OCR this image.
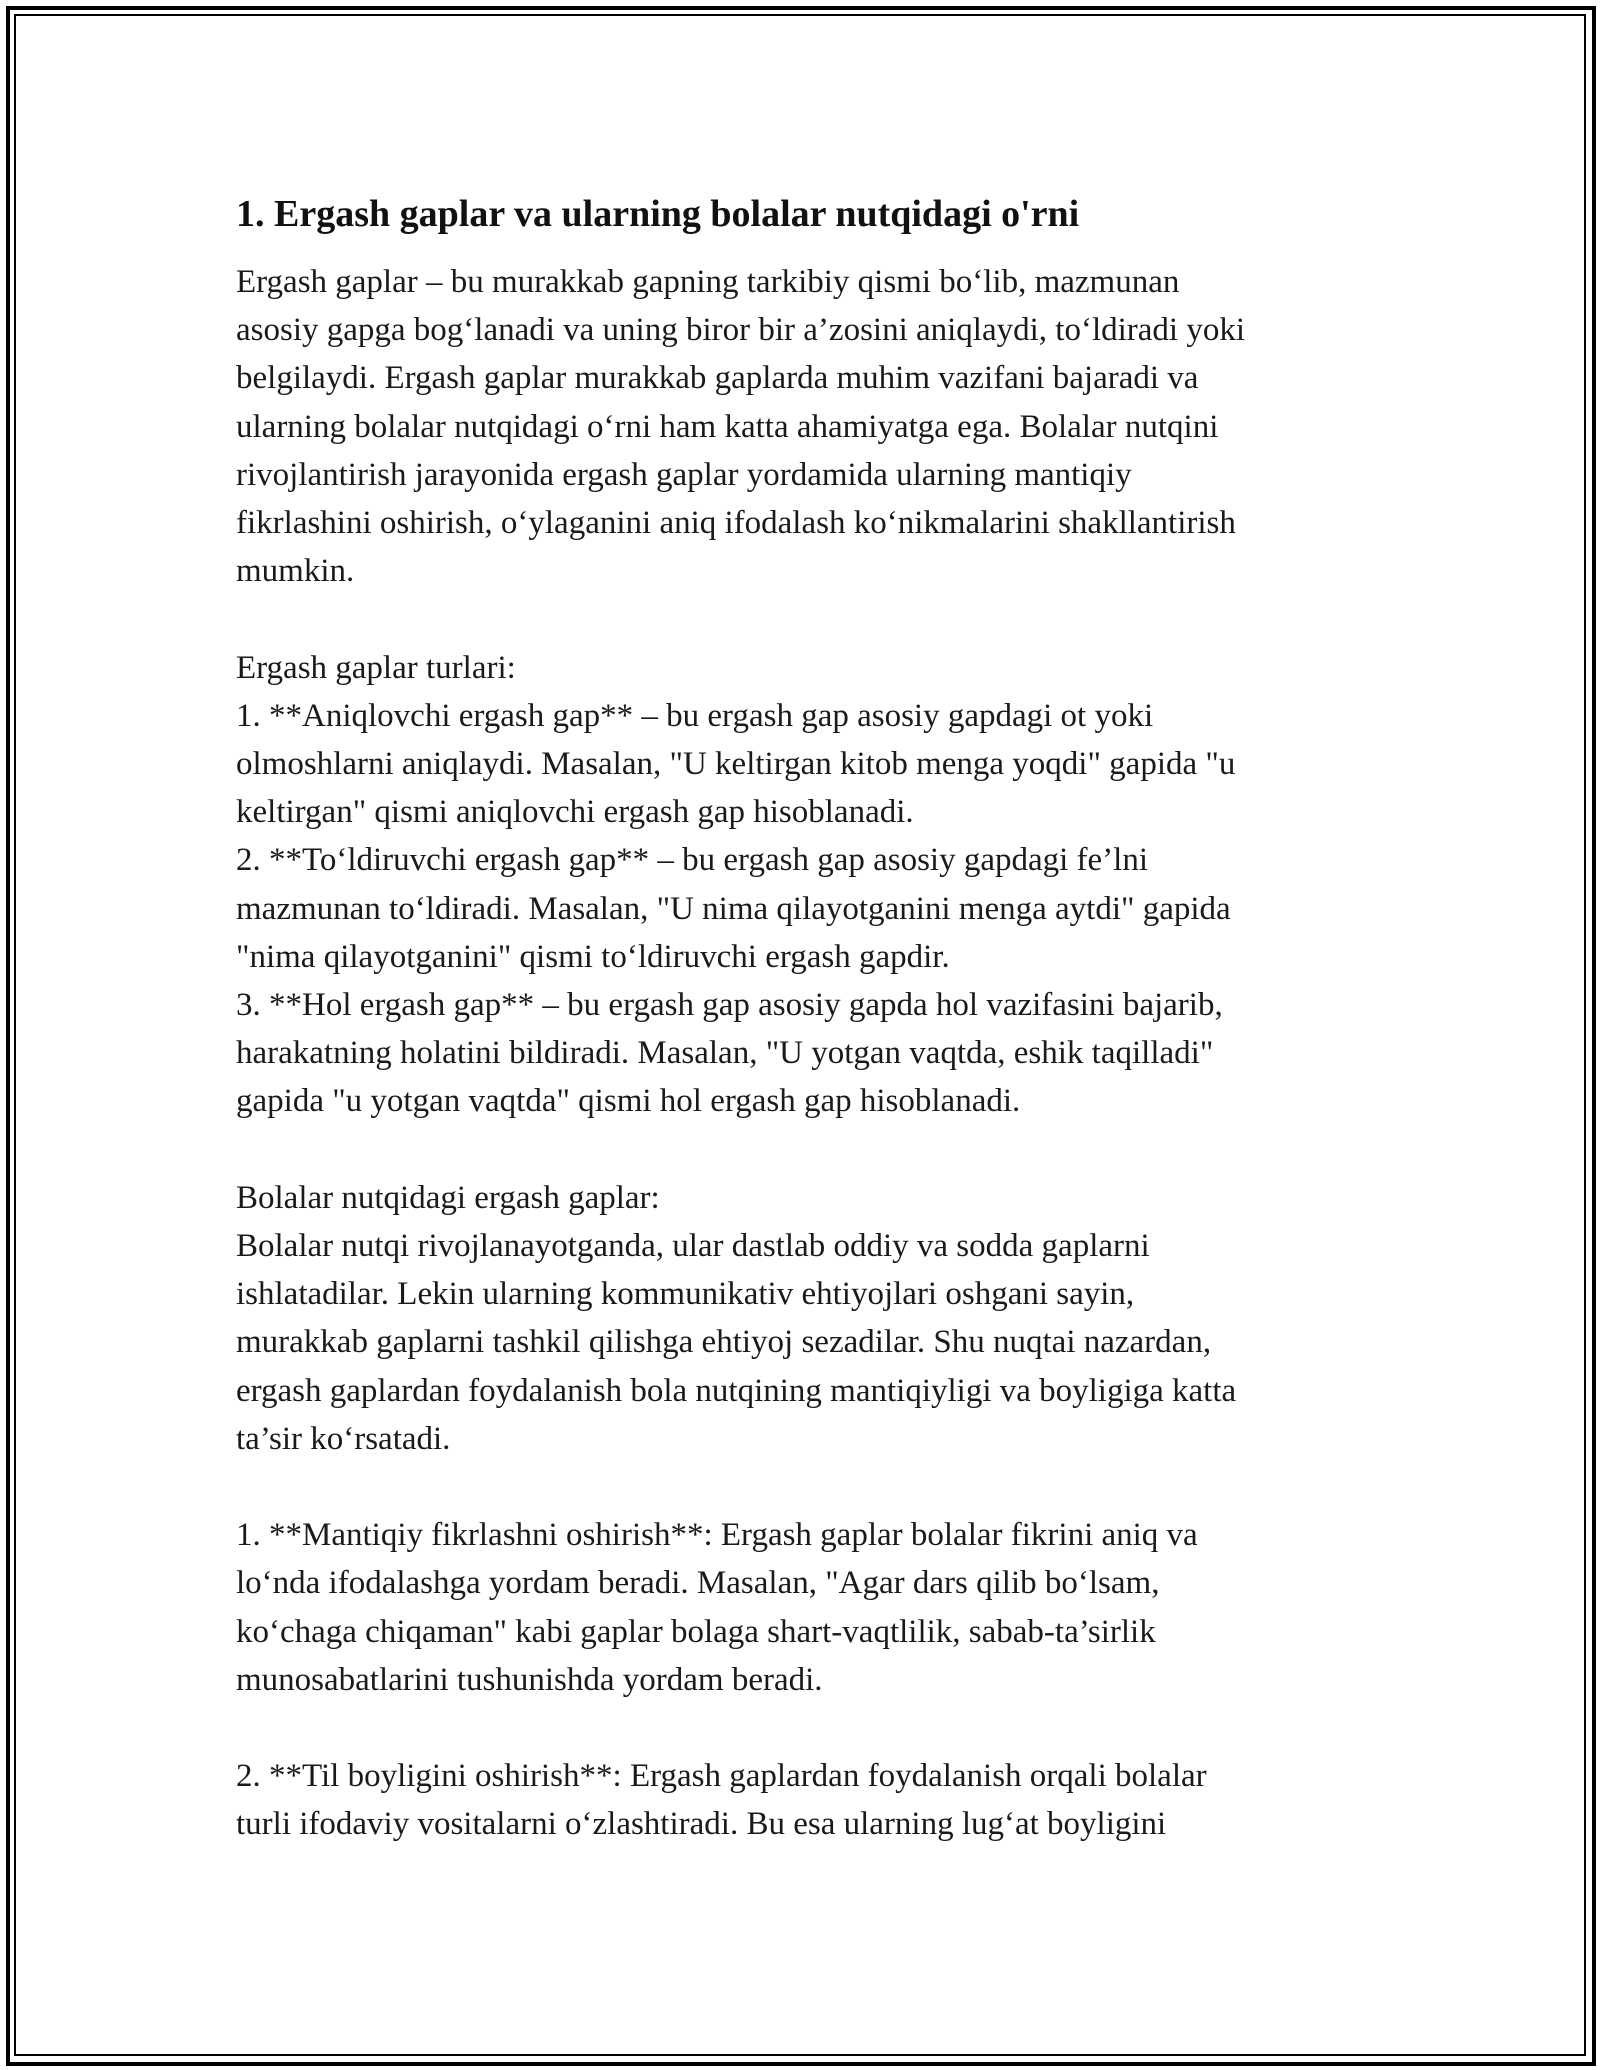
1. Ergash gaplar va ularning bolalar nutqidagi o'rni
Ergash gaplar – bu murakkab gapning tarkibiy qismi bo‘lib, mazmunan
asosiy gapga bog‘lanadi va uning biror bir a’zosini aniqlaydi, to‘ldiradi yoki
belgilaydi. Ergash gaplar murakkab gaplarda muhim vazifani bajaradi va
ularning bolalar nutqidagi o‘rni ham katta ahamiyatga ega. Bolalar nutqini
rivojlantirish jarayonida ergash gaplar yordamida ularning mantiqiy
fikrlashini oshirish, o‘ylaganini aniq ifodalash ko‘nikmalarini shakllantirish
mumkin.
Ergash gaplar turlari:
1. **Aniqlovchi ergash gap** – bu ergash gap asosiy gapdagi ot yoki
olmoshlarni aniqlaydi. Masalan, "U keltirgan kitob menga yoqdi" gapida "u
keltirgan" qismi aniqlovchi ergash gap hisoblanadi.
2. **To‘ldiruvchi ergash gap** – bu ergash gap asosiy gapdagi fe’lni
mazmunan to‘ldiradi. Masalan, "U nima qilayotganini menga aytdi" gapida
"nima qilayotganini" qismi to‘ldiruvchi ergash gapdir.
3. **Hol ergash gap** – bu ergash gap asosiy gapda hol vazifasini bajarib,
harakatning holatini bildiradi. Masalan, "U yotgan vaqtda, eshik taqilladi"
gapida "u yotgan vaqtda" qismi hol ergash gap hisoblanadi.
Bolalar nutqidagi ergash gaplar:
Bolalar nutqi rivojlanayotganda, ular dastlab oddiy va sodda gaplarni
ishlatadilar. Lekin ularning kommunikativ ehtiyojlari oshgani sayin,
murakkab gaplarni tashkil qilishga ehtiyoj sezadilar. Shu nuqtai nazardan,
ergash gaplardan foydalanish bola nutqining mantiqiyligi va boyligiga katta
ta’sir ko‘rsatadi.
1. **Mantiqiy fikrlashni oshirish**: Ergash gaplar bolalar fikrini aniq va
lo‘nda ifodalashga yordam beradi. Masalan, "Agar dars qilib bo‘lsam,
ko‘chaga chiqaman" kabi gaplar bolaga shart-vaqtlilik, sabab-ta’sirlik
munosabatlarini tushunishda yordam beradi.
2. **Til boyligini oshirish**: Ergash gaplardan foydalanish orqali bolalar
turli ifodaviy vositalarni o‘zlashtiradi. Bu esa ularning lug‘at boyligini
